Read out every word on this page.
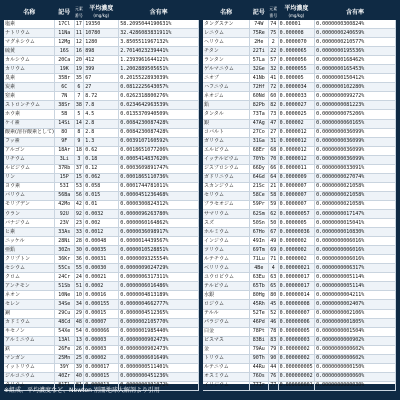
名称	記号	元素番号	平均濃度
(mg/kg)	含有率
塩素	17Cl	17	19350	58.2095044190631%
ナトリウム	11Na	11	10780	32.4286083831911%
マグネシウム	12Mg	12	1280	3.8505511967132%
硫黄	16S	16	898	2.7014023239441%
カルシウム	20Ca	20	412	1.2393961644121%
カリウム	19K	19	399	1.2002889505651%
臭素	35Br	35	67	0.2015522893039%
炭素	6C	6	27	0.0812225643057%
窒素	7N	7	8.72	0.0262318800276%
ストロンチウム	38Sr	38	7.8	0.0234642963539%
ホウ素	5B	5	4.5	0.0135370940509%
ケイ素	14Si	14	2.8	0.0084230087428%
酸素(溶存酸素として)	8O	8	2.8	0.0084230087428%
フッ素	9F	9	1.3	0.0039107160592%
アルゴン	18Ar	18	0.62	0.0018651077206%
リチウム	3Li	3	0.18	0.0005414837620%
ルビジウム	37Rb	37	0.12	0.0003609891747%
リン	15P	15	0.062	0.0001865110736%
ヨウ素	53I	53	0.058	0.0001744781011%
バリウム	56Ba	56	0.015	0.0000451236468%
モリブデン	42Mo	42	0.01	0.0000300824312%
ウラン	92U	92	0.0032	0.0000096263780%
バナジウム	23V	23	0.002	0.0000060164862%
ヒ素	33As	33	0.0012	0.0000036098917%
ニッケル	28Ni	28	0.00048	0.0000014439567%
亜鉛	30Zn	30	0.00035	0.0000010528851%
クリプトン	36Kr	36	0.00031	0.0000009325554%
セシウム	55Cs	55	0.00030	0.0000009024729%
クロム	24Cr	24	0.00021	0.0000006317311%
アンチモン	51Sb	51	0.0002	0.0000006016486%
ネオン	10Ne	10	0.00016	0.0000004813189%
セレン	34Se	34	0.000155	0.0000004662777%
銅	29Cu	29	0.00015	0.0000004512365%
カドミウム	48Cd	48	0.00007	0.0000002105770%
キセノン	54Xe	54	0.000066	0.0000001985440%
アルミニウム	13Al	13	0.00003	0.0000000902473%
鉄	26Fe	26	0.00003	0.0000000902473%
マンガン	25Mn	25	0.00002	0.0000000601649%
イットリウム	39Y	39	0.000017	0.0000000511401%
ジルコニウム	40Zr	40	0.000015	0.0000000451236%
タリウム	81Tl	81	0.000013	0.0000000391072%
名称	記号	元素番号	平均濃度
(mg/kg)	含有率
タングステン	74W	74	0.00001	0.0000000300824%
レニウム	75Re	75	0.000008	0.0000000240659%
ヘリウム	2He	2	0.0000070	0.0000000210577%
チタン	22Ti	22	0.0000065	0.0000000195536%
ランタン	57La	57	0.0000056	0.0000000168462%
ゲルマニウム	32Ge	32	0.0000055	0.0000000165453%
ニオブ	41Nb	41	0.000005	0.0000000150412%
ハフニウム	72Hf	72	0.0000034	0.0000000102280%
ネオジム	60Nd	60	0.0000033	0.0000000099272%
鉛	82Pb	82	0.0000027	0.0000000081223%
タンタル	73Ta	73	0.0000025	0.0000000075206%
銀	47Ag	47	0.000002	0.0000000060165%
コバルト	27Co	27	0.0000012	0.0000000036099%
ガリウム	31Ga	31	0.0000012	0.0000000036099%
エルビウム	68Er	68	0.0000012	0.0000000036099%
イッテルビウム	70Yb	70	0.0000012	0.0000000036099%
ジスプロシウム	66Dy	66	0.0000011	0.0000000033091%
ガドリニウム	64Gd	64	0.0000009	0.0000000027074%
スカンジウム	21Sc	21	0.0000007	0.0000000021058%
セリウム	58Ce	58	0.0000007	0.0000000021058%
プラセオジム	59Pr	59	0.0000007	0.0000000021058%
サマリウム	62Sm	62	0.00000057	0.0000000017147%
スズ	50Sn	50	0.0000005	0.0000000015041%
ホルミウム	67Ho	67	0.00000036	0.0000000010830%
インジウム	49In	49	0.0000002	0.0000000006016%
ツリウム	69Tm	69	0.0000002	0.0000000006016%
ルテチウム	71Lu	71	0.0000002	0.0000000006016%
ベリリウム	4Be	4	0.00000021	0.0000000006317%
ユウロピウム	63Eu	63	0.00000017	0.0000000005114%
テルビウム	65Tb	65	0.00000017	0.0000000005114%
水銀	80Hg	80	0.00000014	0.0000000004211%
ロジウム	45Rh	45	0.00000008	0.0000000002407%
テルル	52Te	52	0.00000007	0.0000000002106%
パラジウム	46Pd	46	0.00000006	0.0000000001805%
白金	78Pt	78	0.00000005	0.0000000001504%
ビスマス	83Bi	83	0.00000003	0.0000000000902%
金	79Au	79	0.00000002	0.0000000000602%
トリウム	90Th	90	0.00000002	0.0000000000602%
ルテニウム	44Ru	44	0.000000005	0.0000000000150%
オスミウム	76Os	76	0.000000002	0.0000000000060%
イリジウム	77Ir	77	0.000000001	0.0000000000030%
※組成、平均濃度など、Newton 別冊地球大解剖より引用
